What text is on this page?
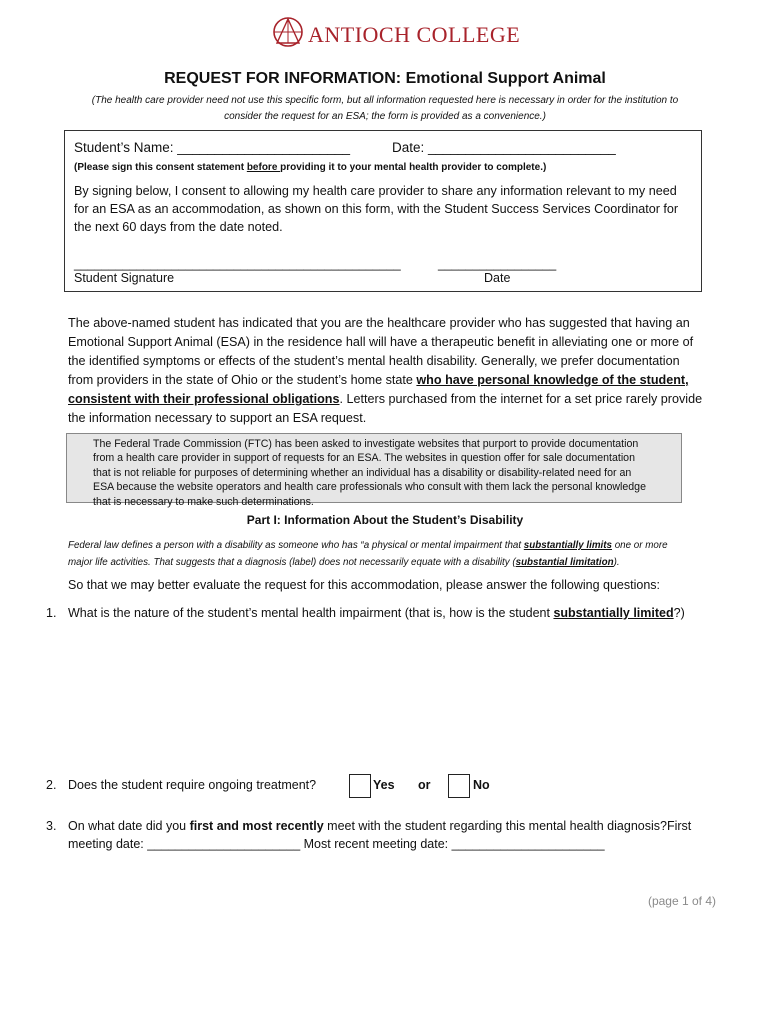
ANTIOCH COLLEGE
REQUEST FOR INFORMATION: Emotional Support Animal
(The health care provider need not use this specific form, but all information requested here is necessary in order for the institution to
consider the request for an ESA; the form is provided as a convenience.)
Student’s Name: _______________________	Date: _________________________
(Please sign this consent statement before providing it to your mental health provider to complete.)
By signing below, I consent to allowing my health care provider to share any information relevant to my need
for an ESA as an accommodation, as shown on this form, with the Student Success Services Coordinator for
the next 60 days from the date noted.
_______________________________________________	_________________
Student Signature	Date
The above-named student has indicated that you are the healthcare provider who has suggested that having an
Emotional Support Animal (ESA) in the residence hall will have a therapeutic benefit in alleviating one or more of
the identified symptoms or effects of the student’s mental health disability. Generally, we prefer documentation
from providers in the state of Ohio or the student’s home state who have personal knowledge of the student,
consistent with their professional obligations. Letters purchased from the internet for a set price rarely provide
the information necessary to support an ESA request.
The Federal Trade Commission (FTC) has been asked to investigate websites that purport to provide documentation
from a health care provider in support of requests for an ESA. The websites in question offer for sale documentation
that is not reliable for purposes of determining whether an individual has a disability or disability-related need for an
ESA because the website operators and health care professionals who consult with them lack the personal knowledge
that is necessary to make such determinations.
Part I: Information About the Student’s Disability
Federal law defines a person with a disability as someone who has “a physical or mental impairment that substantially limits one or more
major life activities. That suggests that a diagnosis (label) does not necessarily equate with a disability (substantial limitation).
So that we may better evaluate the request for this accommodation, please answer the following questions:
1. What is the nature of the student’s mental health impairment (that is, how is the student substantially limited?)
2. Does the student require ongoing treatment?	Yes or	No
3. On what date did you first and most recently meet with the student regarding this mental health diagnosis?First
meeting date: ______________________ Most recent meeting date: ______________________
(page 1 of 4)
